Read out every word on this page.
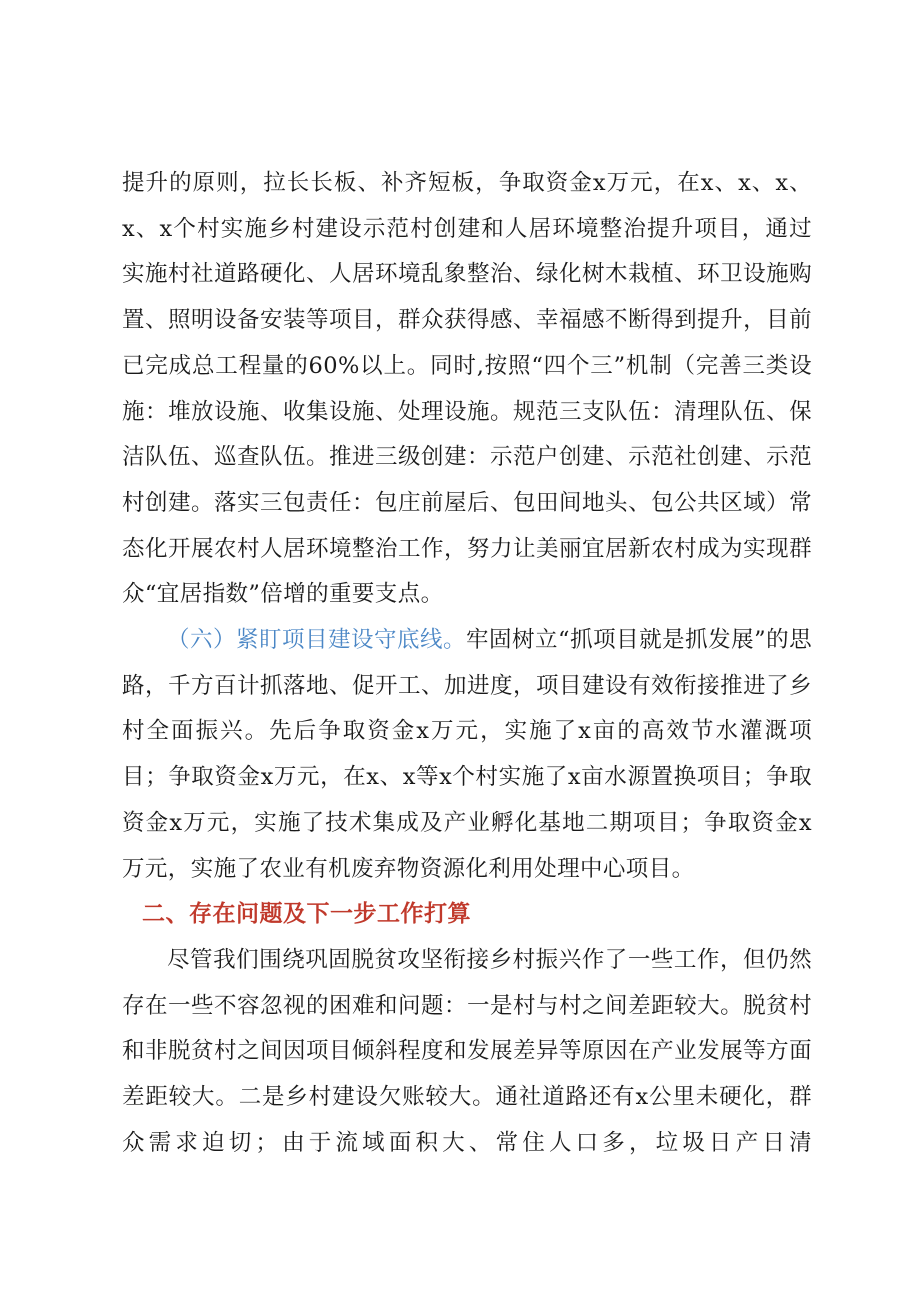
提升的原则，拉长长板、补齐短板，争取资金x万元，在x、x、x、x、x个村实施乡村建设示范村创建和人居环境整治提升项目，通过实施村社道路硬化、人居环境乱象整治、绿化树木栽植、环卫设施购置、照明设备安装等项目，群众获得感、幸福感不断得到提升，目前已完成总工程量的60%以上。同时,按照“四个三”机制（完善三类设施：堆放设施、收集设施、处理设施。规范三支队伍：清理队伍、保洁队伍、巡查队伍。推进三级创建：示范户创建、示范社创建、示范村创建。落实三包责任：包庄前屋后、包田间地头、包公共区域）常态化开展农村人居环境整治工作，努力让美丽宜居新农村成为实现群众“宜居指数”倍增的重要支点。

（六）紧盯项目建设守底线。牢固树立“抓项目就是抓发展”的思路，千方百计抓落地、促开工、加进度，项目建设有效衔接推进了乡村全面振兴。先后争取资金x万元，实施了x亩的高效节水灌溉项目；争取资金x万元，在x、x等x个村实施了x亩水源置换项目；争取资金x万元，实施了技术集成及产业孵化基地二期项目；争取资金x万元，实施了农业有机废弃物资源化利用处理中心项目。

二、存在问题及下一步工作打算

尽管我们围绕巩固脱贫攻坚衔接乡村振兴作了一些工作，但仍然存在一些不容忽视的困难和问题：一是村与村之间差距较大。脱贫村和非脱贫村之间因项目倾斜程度和发展差异等原因在产业发展等方面差距较大。二是乡村建设欠账较大。通社道路还有x公里未硬化，群众需求迫切；由于流域面积大、常住人口多，垃圾日产日清
